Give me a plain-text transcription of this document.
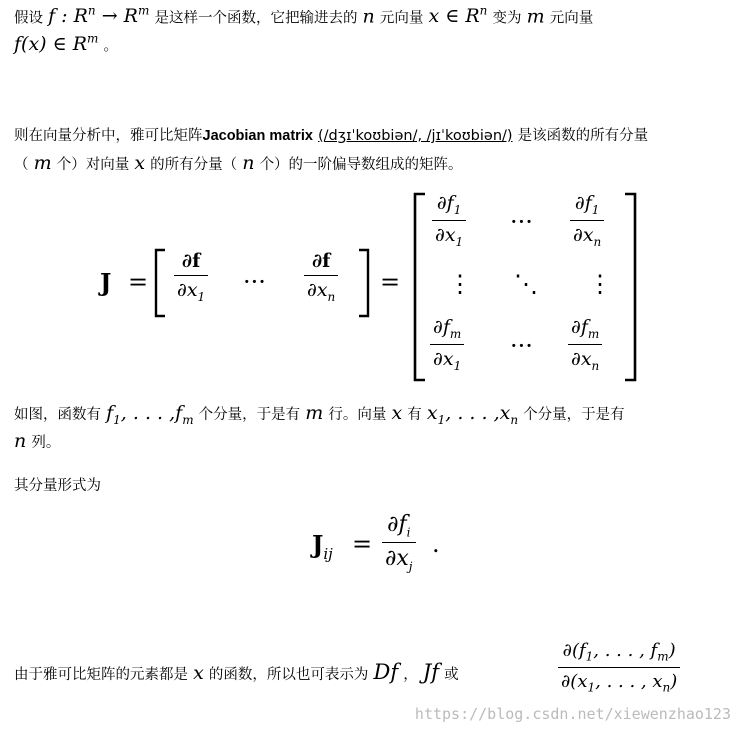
假设 f : $R^n \to R^m$ 是这样一个函数，它把输进去的 n 元向量 x ∈ $R^n$ 变为 m 元向量
f(x) ∈ $R^m$ 。
则在向量分析中，雅可比矩阵Jacobian matrix (/dʒɪˈkoʊbiən/, /jɪˈkoʊbiən/) 是该函数的所有分量
（ m 个）对向量 x 的所有分量（ n 个）的一阶偏导数组成的矩阵。
J =
∂f
$\partial x_1$
···
∂f
$\partial x_n$
=
$\partial f_1$
$\partial x_1$
···
$\partial f_1$
$\partial x_n$
⋮ ⋱ ⋮
$\partial f_m$
$\partial x_1$
···
$\partial f_m$
$\partial x_n$
如图，函数有 $f_1$, . . . $,f_m$ 个分量，于是有 m 行。向量 x 有 $x_1$, . . . $,x_n$ 个分量，于是有
n 列。
其分量形式为
$J_{ij}$ =
$\partial f_i$
$\partial x_j$
.
由于雅可比矩阵的元素都是 x 的函数，所以也可表示为 Df ， Jf 或
$\partial(f_1$, . . . , $f_m$)
$\partial(x_1$, . . . , $x_n$)
https://blog.csdn.net/xiewenzhao123
